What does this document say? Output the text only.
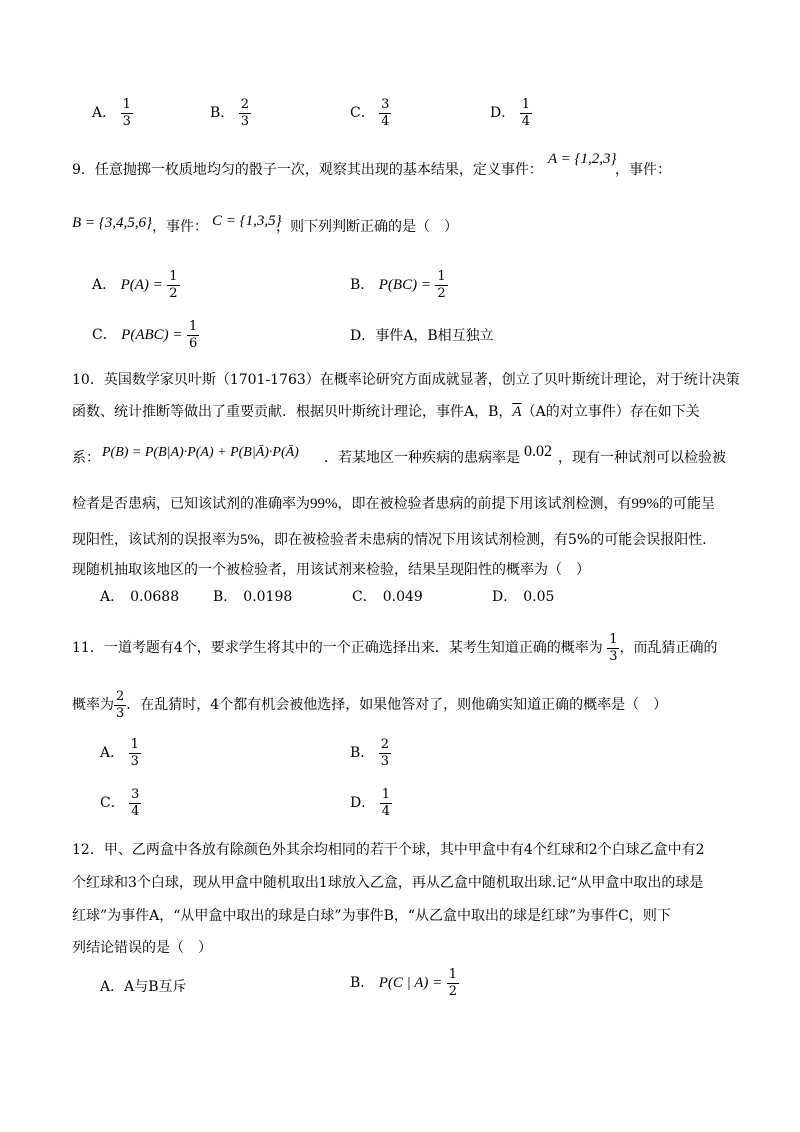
A． $\frac{1}{3}$	B． $\frac{2}{3}$	C． $\frac{3}{4}$	D． $\frac{1}{4}$
9．任意抛掷一枚质地均匀的骰子一次，观察其出现的基本结果，定义事件：
A = {1,2,3}
，事件：
B = {3,4,5,6} ，事件： C = {1,3,5}
，则下列判断正确的是（　）
A． $P(A) = \frac{1}{2}$	B． $P(BC) = \frac{1}{2}$
C． $P(ABC) = \frac{1}{6}$	D．事件A，B相互独立
10．英国数学家贝叶斯（1701-1763）在概率论研究方面成就显著，创立了贝叶斯统计理论，对于统计决策
函数、统计推断等做出了重要贡献．根据贝叶斯统计理论，事件A，B，$\overline{A}(A$的对立事件）存在如下关
系： P(B) = P(B|A)·P(A) + P(B|Ā)·P(Ā) ．若某地区一种疾病的患病率是 0.02 ，现有一种试剂可以检验被
检者是否患病，已知该试剂的准确率为99%，即在被检验者患病的前提下用该试剂检测，有99%的可能呈
现阳性，该试剂的误报率为5%，即在被检验者未患病的情况下用该试剂检测，有5%的可能会误报阳性．
现随机抽取该地区的一个被检验者，用该试剂来检验，结果呈现阳性的概率为（　）
A． 0.0688 B． 0.0198	C． 0.049	D． 0.05
11．一道考题有4个，要求学生将其中的一个正确选择出来．某考生知道正确的概率为 $\frac{1}{3}$ ，而乱猜正确的
概率为 $\frac{2}{3}$ ．在乱猜时，4个都有机会被他选择，如果他答对了，则他确实知道正确的概率是（　）
A． $\frac{1}{3}$	B． $\frac{2}{3}$
C． $\frac{3}{4}$	D． $\frac{1}{4}$
12．甲、乙两盒中各放有除颜色外其余均相同的若干个球，其中甲盒中有4个红球和2个白球乙盒中有2
个红球和3个白球，现从甲盒中随机取出1球放入乙盒，再从乙盒中随机取出球.记“从甲盒中取出的球是
红球”为事件A，“从甲盒中取出的球是白球”为事件B，“从乙盒中取出的球是红球”为事件C，则下
列结论错误的是（　）
A．A与B互斥	B． P(C | $A) = \frac{1}{2}$
